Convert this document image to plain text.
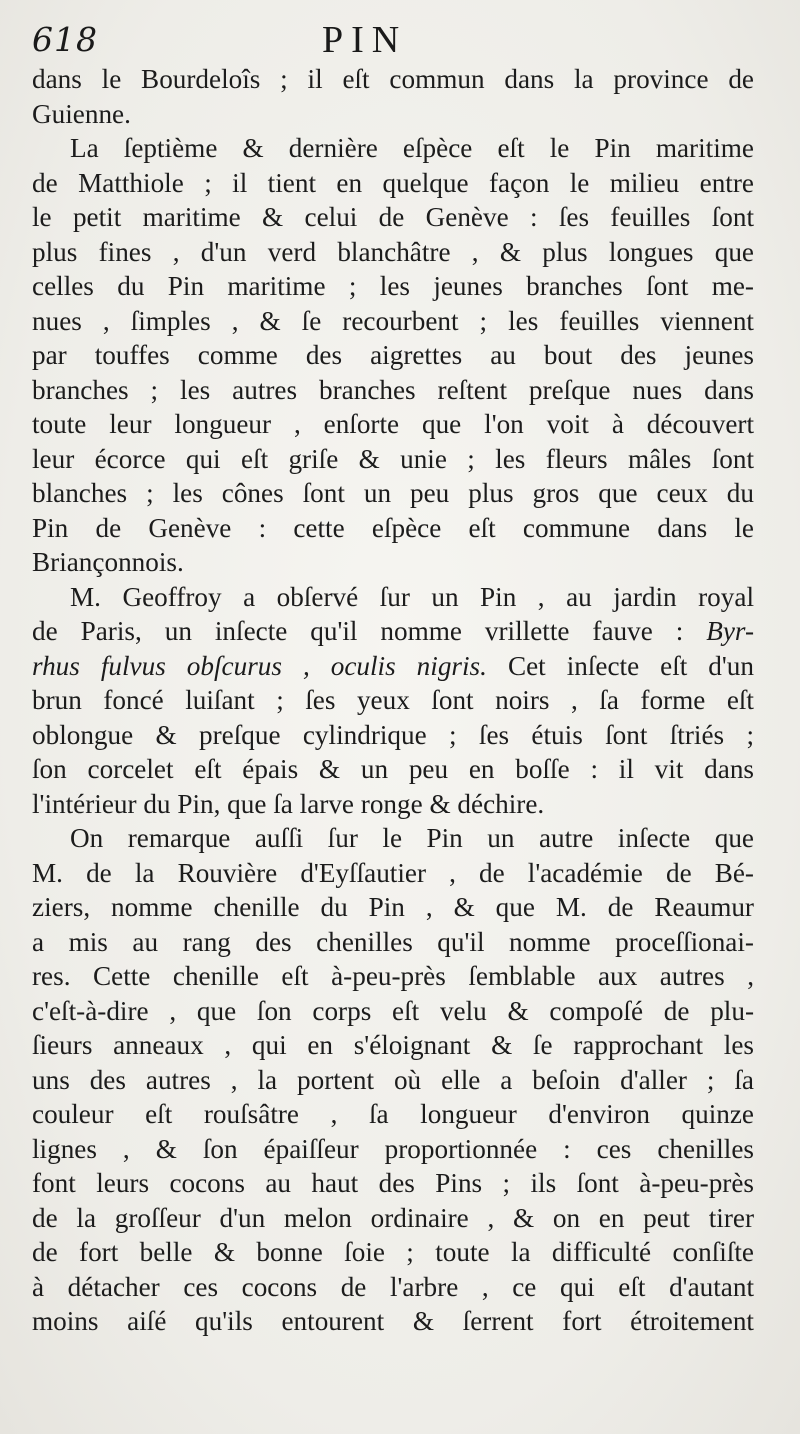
618	PIN
dans le Bourdeloîs ; il eſt commun dans la province de
Guienne.
La ſeptième & dernière eſpèce eſt le Pin maritime
de Matthiole ; il tient en quelque façon le milieu entre
le petit maritime & celui de Genève : ſes feuilles ſont
plus fines , d'un verd blanchâtre , & plus longues que
celles du Pin maritime ; les jeunes branches ſont me-
nues , ſimples , & ſe recourbent ; les feuilles viennent
par touffes comme des aigrettes au bout des jeunes
branches ; les autres branches reſtent preſque nues dans
toute leur longueur , enſorte que l'on voit à découvert
leur écorce qui eſt griſe & unie ; les fleurs mâles ſont
blanches ; les cônes ſont un peu plus gros que ceux du
Pin de Genève : cette eſpèce eſt commune dans le
Briançonnois.
M. Geoffroy a obſervé ſur un Pin , au jardin royal
de Paris, un inſecte qu'il nomme vrillette fauve : Byr-
rhus fulvus obſcurus , oculis nigris. Cet inſecte eſt d'un
brun foncé luiſant ; ſes yeux ſont noirs , ſa forme eſt
oblongue & preſque cylindrique ; ſes étuis ſont ſtriés ;
ſon corcelet eſt épais & un peu en boſſe : il vit dans
l'intérieur du Pin, que ſa larve ronge & déchire.
On remarque auſſi ſur le Pin un autre inſecte que
M. de la Rouvière d'Eyſſautier , de l'académie de Bé-
ziers, nomme chenille du Pin , & que M. de Reaumur
a mis au rang des chenilles qu'il nomme proceſſionai-
res. Cette chenille eſt à-peu-près ſemblable aux autres ,
c'eſt-à-dire , que ſon corps eſt velu & compoſé de plu-
ſieurs anneaux , qui en s'éloignant & ſe rapprochant les
uns des autres , la portent où elle a beſoin d'aller ; ſa
couleur eſt rouſsâtre , ſa longueur d'environ quinze
lignes , & ſon épaiſſeur proportionnée : ces chenilles
font leurs cocons au haut des Pins ; ils ſont à-peu-près
de la groſſeur d'un melon ordinaire , & on en peut tirer
de fort belle & bonne ſoie ; toute la difficulté conſiſte
à détacher ces cocons de l'arbre , ce qui eſt d'autant
moins aiſé qu'ils entourent & ſerrent fort étroitement
